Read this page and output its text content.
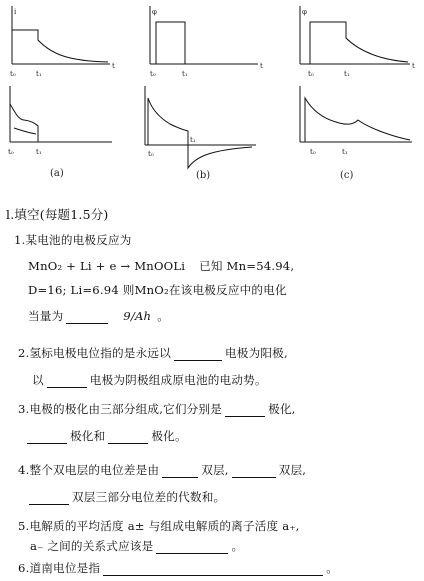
i	φ	φ
t	t	t
t₀	t₁	t₀	t₁	t₀	t₁
t₀	t₁	t₀
t₁
t₀	t₁
(a)	(b)	(c)
l.填空(每题1.5分)
1.某电池的电极反应为
MnO₂ + Li + e → MnOOLi 已知 Mn=54.94,
D=16; Li=6.94 则MnO₂在该电极反应中的电化
当量为	9/Ah 。
2.氢标电极电位指的是永远以	电极为阳极,
以	电极为阴极组成原电池的电动势。
3.电极的极化由三部分组成,它们分别是	极化,
极化和	极化。
4.整个双电层的电位差是由	双层,	双层,
双层三部分电位差的代数和。
5.电解质的平均活度 a± 与组成电解质的离子活度 a₊,
a₋ 之间的关系式应该是	。
6.道南电位是指	。
